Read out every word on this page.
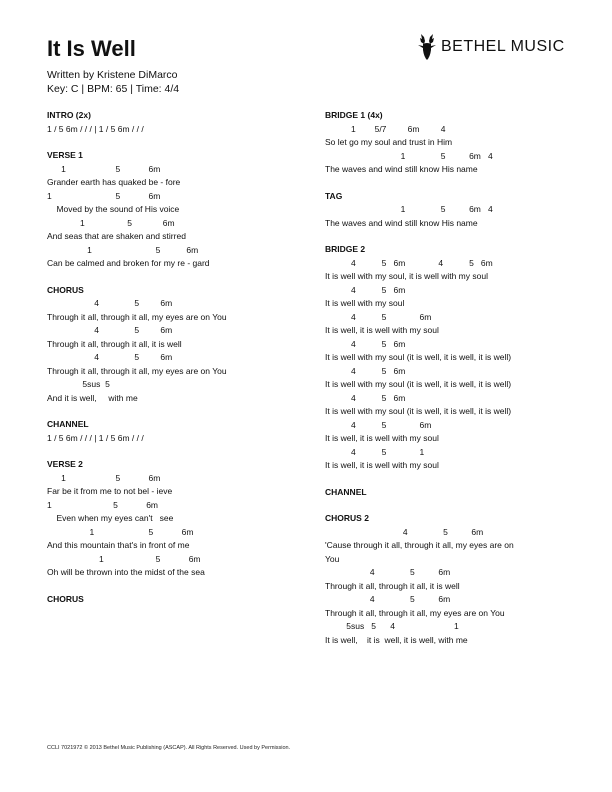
It Is Well
Written by Kristene DiMarco
Key: C | BPM: 65 | Time: 4/4
BETHEL MUSIC
INTRO (2x)
1 / 5 6m / / / | 1 / 5 6m / / /
VERSE 1
1                     5            6m
Grander earth has quaked be - fore
1                           5            6m
Moved by the sound of His voice
1                  5             6m
And seas that are shaken and stirred
1                           5           6m
Can be calmed and broken for my re - gard
CHORUS
4               5         6m
Through it all, through it all, my eyes are on You
4               5         6m
Through it all, through it all, it is well
4               5         6m
Through it all, through it all, my eyes are on You
5sus  5
And it is well,     with me
CHANNEL
1 / 5 6m / / / | 1 / 5 6m / / /
VERSE 2
1                     5            6m
Far be it from me to not bel - ieve
1                          5            6m
Even when my eyes can't   see
1                       5            6m
And this mountain that's in front of me
1                      5            6m
Oh will be thrown into the midst of the sea
CHORUS
BRIDGE 1 (4x)
1        5/7         6m         4
So let go my soul and trust in Him
1               5          6m   4
The waves and wind still know His name
TAG
1               5          6m   4
The waves and wind still know His name
BRIDGE 2
4           5   6m              4           5   6m
It is well with my soul, it is well with my soul
4           5   6m
It is well with my soul
4           5              6m
It is well, it is well with my soul
4           5   6m
It is well with my soul (it is well, it is well, it is well)
4           5   6m
It is well with my soul (it is well, it is well, it is well)
4           5   6m
It is well with my soul (it is well, it is well, it is well)
4           5              6m
It is well, it is well with my soul
4           5              1
It is well, it is well with my soul
CHANNEL
CHORUS 2
4               5          6m
'Cause through it all, through it all, my eyes are on
You
4               5          6m
Through it all, through it all, it is well
4               5          6m
Through it all, through it all, my eyes are on You
5sus   5      4                         1
It is well,    it is  well, it is well, with me
CCLI 7021972 © 2013 Bethel Music Publishing (ASCAP). All Rights Reserved. Used by Permission.
